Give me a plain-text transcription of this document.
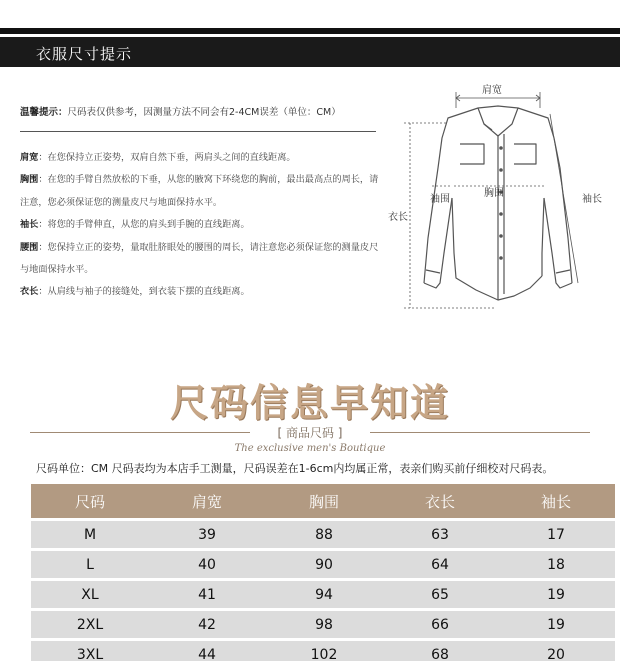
衣服尺寸提示
温馨提示：尺码表仅供参考，因测量方法不同会有2-4CM误差（单位：CM）
肩宽：在您保持立正姿势，双肩自然下垂，两肩头之间的直线距离。
胸围：在您的手臂自然放松的下垂，从您的腋窝下环绕您的胸前，最出最高点的周长，请注意，您必须保证您的测量皮尺与地面保持水平。
袖长：将您的手臂伸直，从您的肩头到手腕的直线距离。
腰围：您保持立正的姿势，量取肚脐眼处的腰围的周长，请注意您必须保证您的测量皮尺与地面保持水平。
衣长：从肩线与袖子的接缝处，到衣装下摆的直线距离。
肩宽
胸围
袖围	袖长
衣长
尺码信息早知道
[ 商品尺码 ]
The exclusive men's Boutique
尺码单位：CM 尺码表均为本店手工测量，尺码误差在1-6cm内均属正常，表亲们购买前仔细校对尺码表。
尺码	肩宽	胸围	衣长	袖长
M	39	88	63	17
L	40	90	64	18
XL	41	94	65	19
2XL	42	98	66	19
3XL	44	102	68	20
